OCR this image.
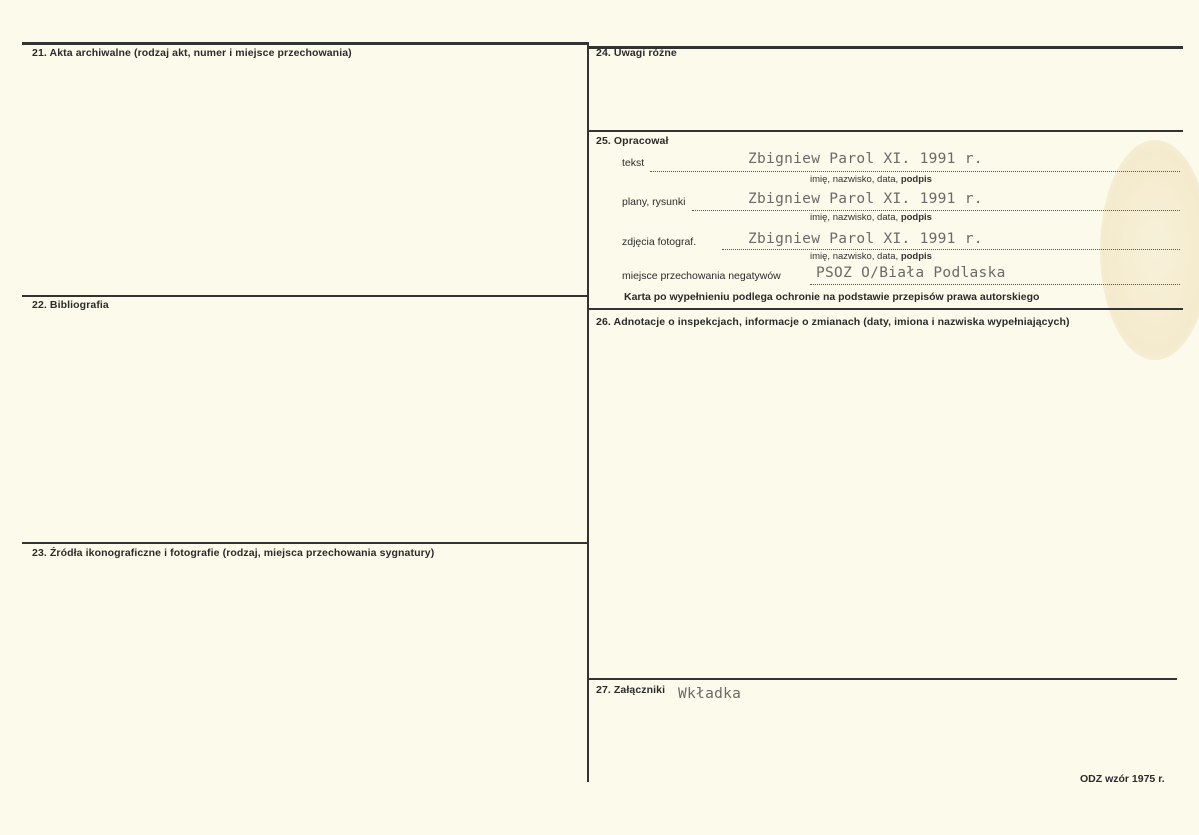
21. Akta archiwalne (rodzaj akt, numer i miejsce przechowania)
22. Bibliografia
23. Źródła ikonograficzne i fotografie (rodzaj, miejsca przechowania sygnatury)
24. Uwagi różne
25. Opracował
26. Adnotacje o inspekcjach, informacje o zmianach (daty, imiona i nazwiska wypełniających)
27. Załączniki
tekst	Zbigniew Parol XI. 1991 r.
imię, nazwisko, data, podpis
plany, rysunki	Zbigniew Parol XI. 1991 r.
imię, nazwisko, data, podpis
zdjęcia fotograf.	Zbigniew Parol XI. 1991 r.
imię, nazwisko, data, podpis
miejsce przechowania negatywów PSOZ O/Biała Podlaska
Karta po wypełnieniu podlega ochronie na podstawie przepisów prawa autorskiego
Wkładka
ODZ wzór 1975 r.
